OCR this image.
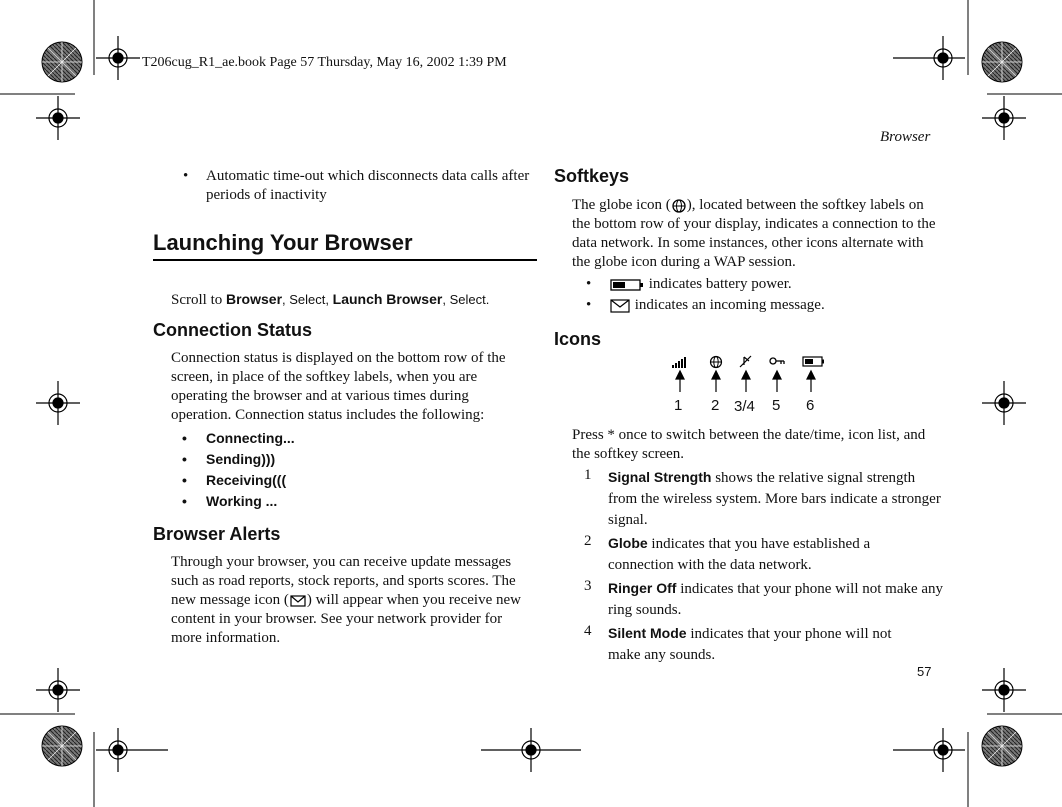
T206cug_R1_ae.book Page 57 Thursday, May 16, 2002 1:39 PM
Browser
• Automatic time-out which disconnects data calls after periods of inactivity

Launching Your Browser
Scroll to Browser, Select, Launch Browser, Select.
Connection Status

Connection status is displayed on the bottom row of the screen, in place of the softkey labels, when you are operating the browser and at various times during operation. Connection status includes the following:

• Connecting...
• Sending)))
• Receiving(((
• Working ...
Browser Alerts

Through your browser, you can receive update messages such as road reports, stock reports, and sports scores. The new message icon ( ) will appear when you receive new content in your browser. See your network provider for more information.

Softkeys

The globe icon ( ), located between the softkey labels on the bottom row of your display, indicates a connection to the data network. In some instances, other icons alternate with the globe icon during a WAP session.

•	indicates battery power.
•	indicates an incoming message.
Icons
1 2 3/4 5 6

Press * once to switch between the date/time, icon list, and the softkey screen.

1 Signal Strength shows the relative signal strength from the wireless system. More bars indicate a stronger signal.

2 Globe indicates that you have established a connection with the data network.

3 Ringer Off indicates that your phone will not make any ring sounds.

4 Silent Mode indicates that your phone will not make any sounds.

57
